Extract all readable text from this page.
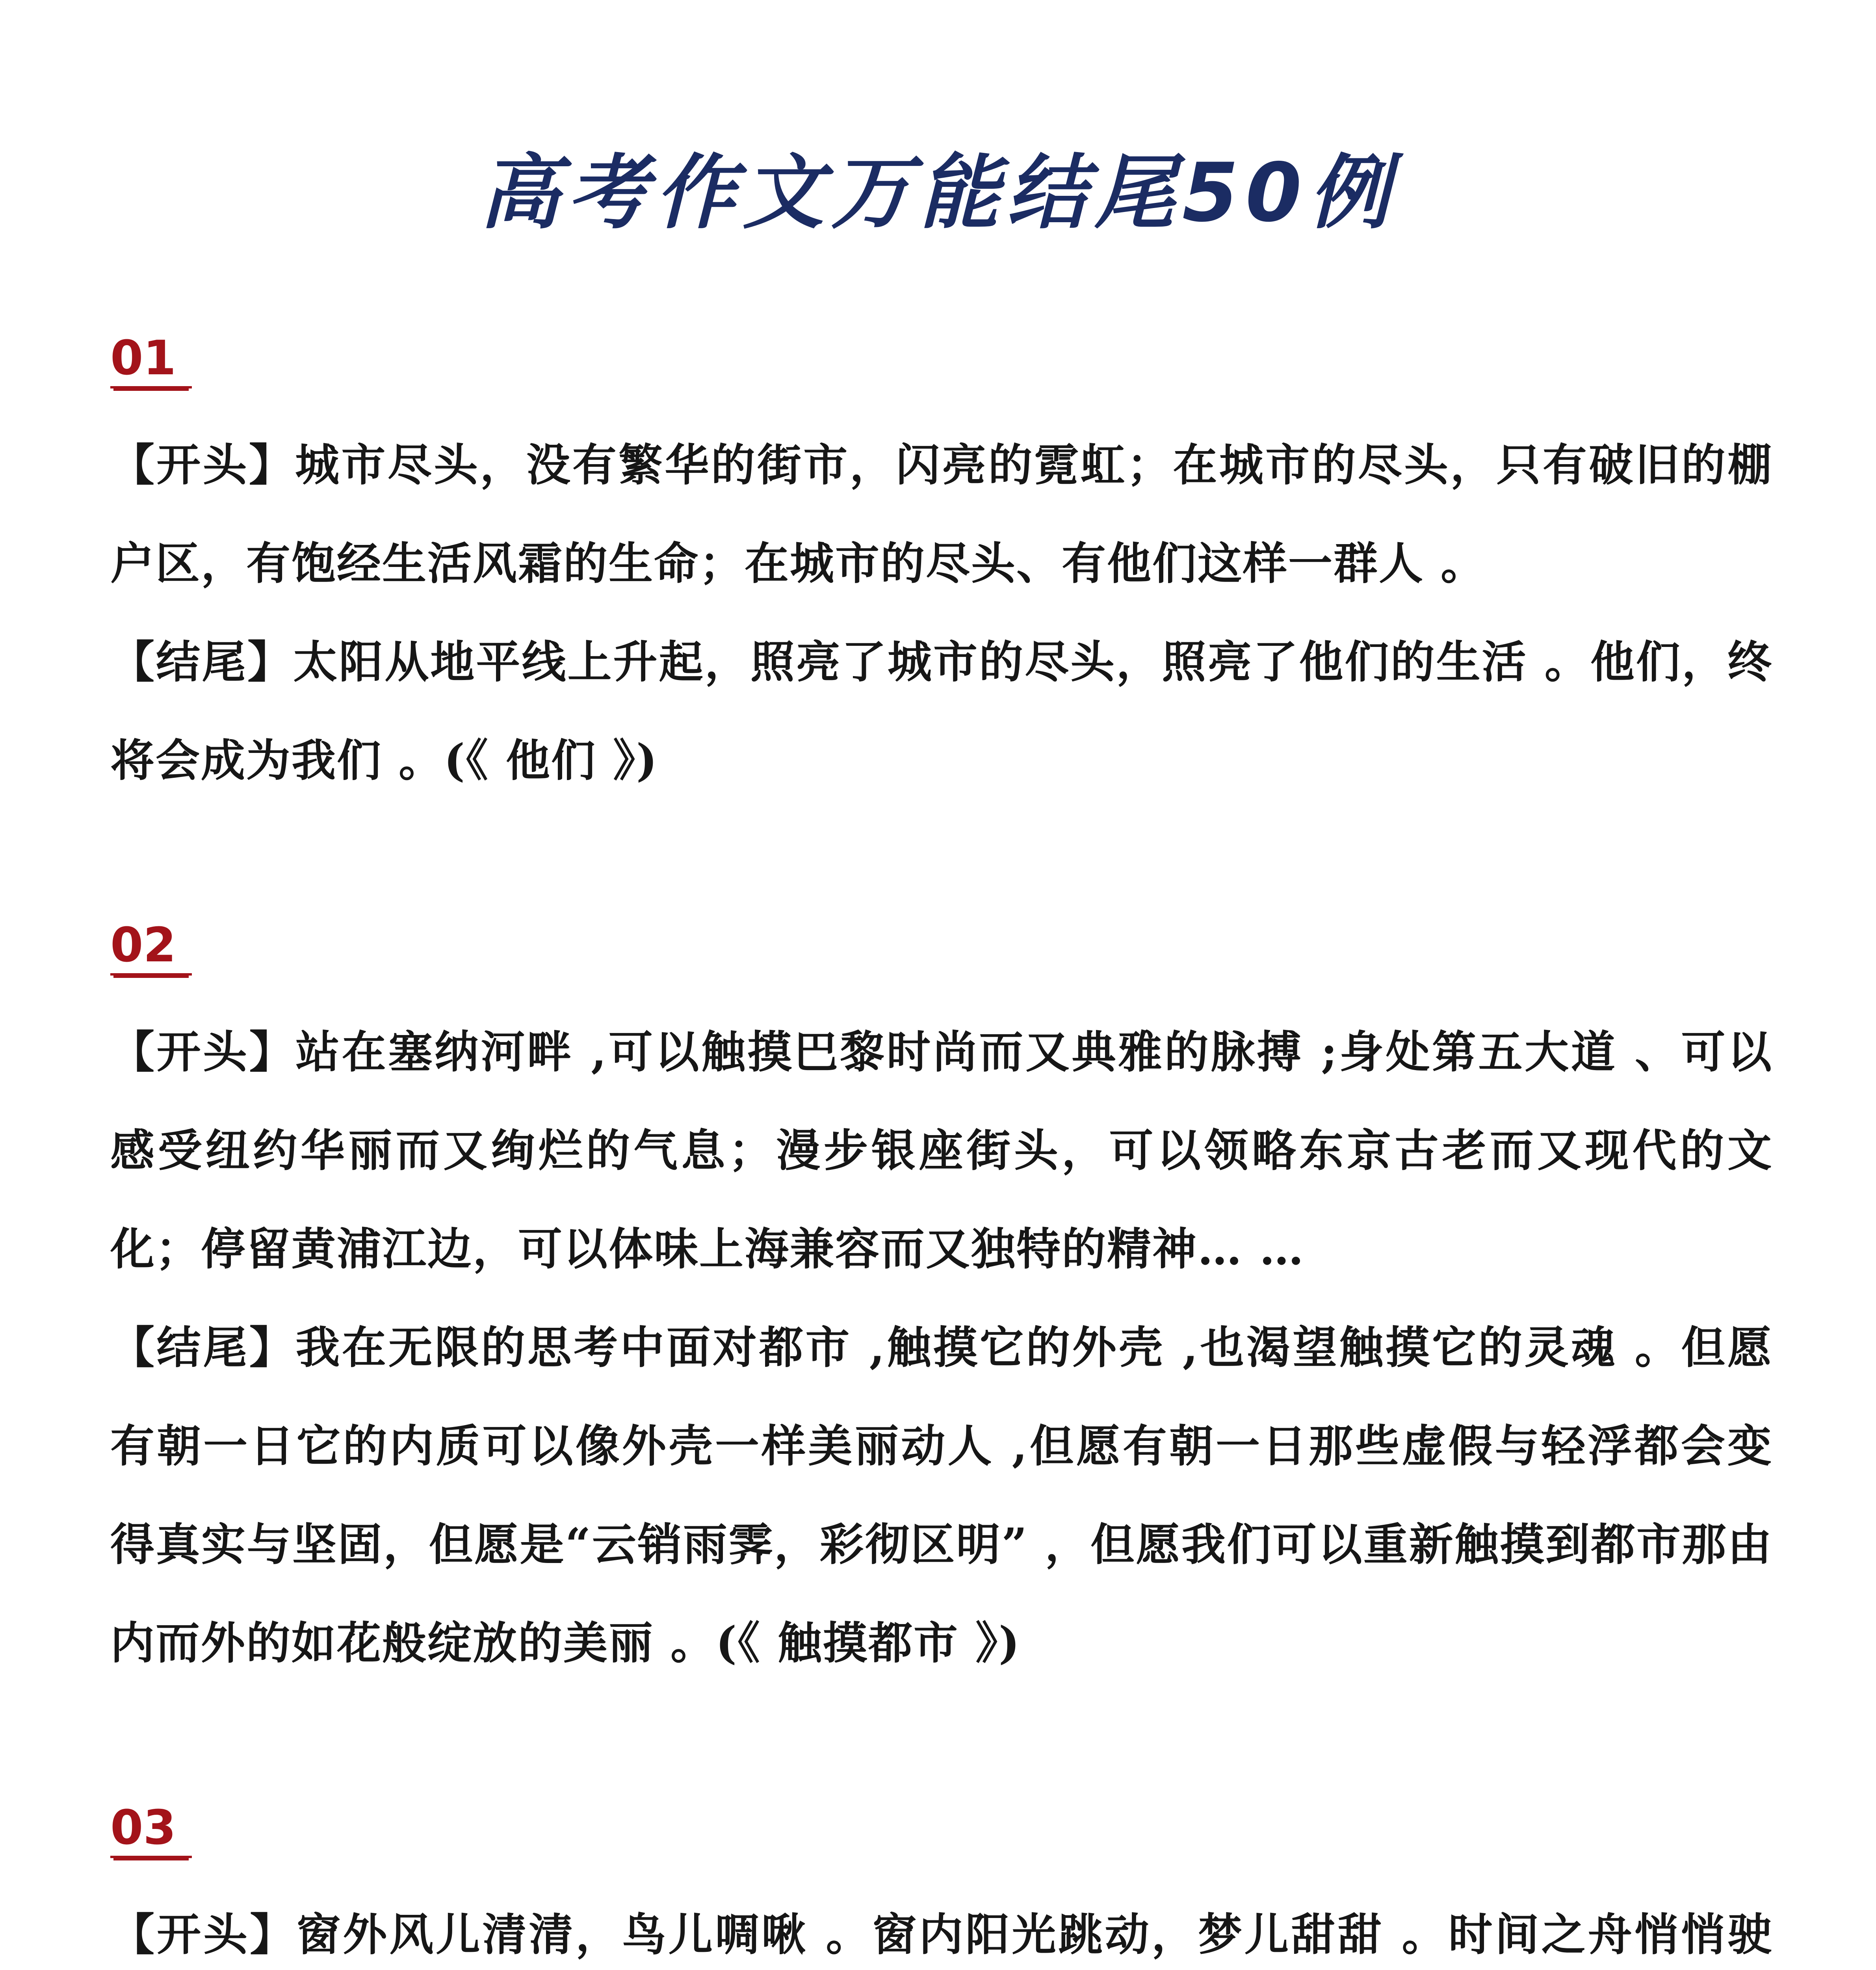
高考作文万能结尾50例
01

【开头】城市尽头，没有繁华的街市，闪亮的霓虹；在城市的尽头，只有破旧的棚户区，有饱经生活风霜的生命；在城市的尽头、有他们这样一群人 。

【结尾】太阳从地平线上升起，照亮了城市的尽头，照亮了他们的生活 。他们，终将会成为我们 。(《 他们 》)

02

【开头】站在塞纳河畔 ,可以触摸巴黎时尚而又典雅的脉搏 ;身处第五大道 、可以感受纽约华丽而又绚烂的气息；漫步银座街头，可以领略东京古老而又现代的文化；停留黄浦江边，可以体味上海兼容而又独特的精神… …

【结尾】我在无限的思考中面对都市 ,触摸它的外壳 ,也渴望触摸它的灵魂 。但愿有朝一日它的内质可以像外壳一样美丽动人 ,但愿有朝一日那些虚假与轻浮都会变得真实与坚固，但愿是“云销雨霁，彩彻区明” ，但愿我们可以重新触摸到都市那由内而外的如花般绽放的美丽 。(《 触摸都市 》)

03

【开头】窗外风儿清清，鸟儿啁啾 。窗内阳光跳动，梦儿甜甜 。时间之舟悄悄驶
